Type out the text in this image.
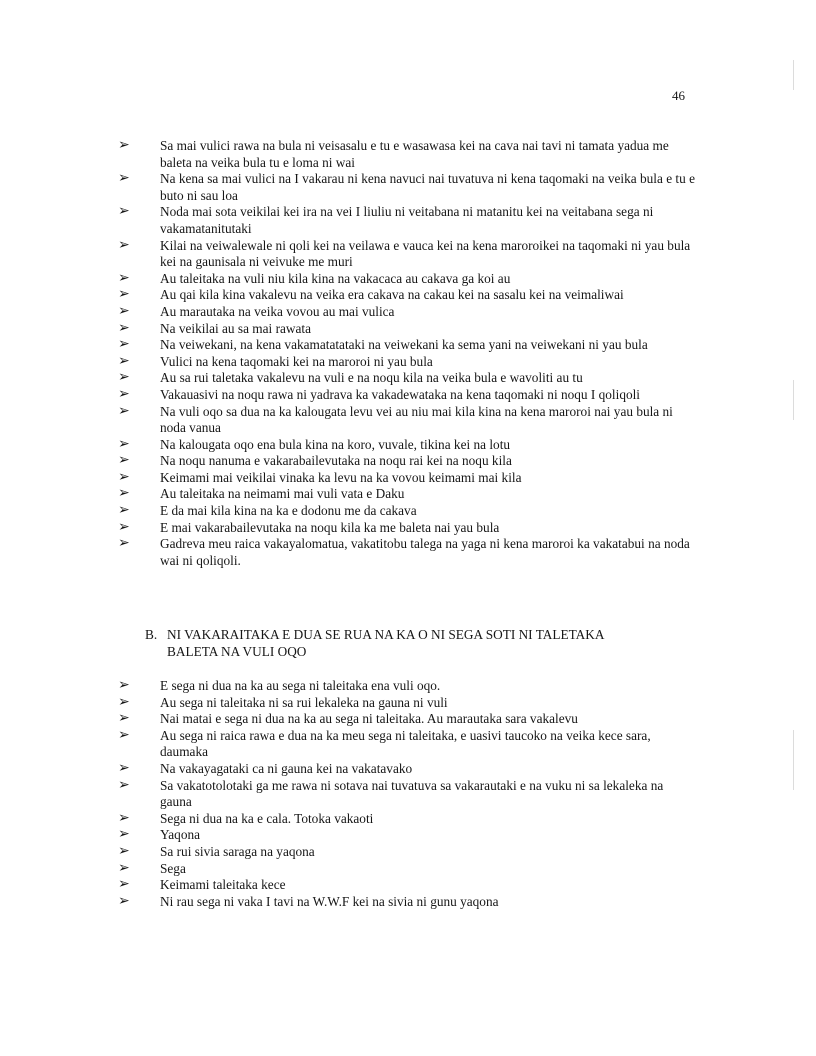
46
➢ Sa mai vulici rawa na bula ni veisasalu e tu e wasawasa kei na cava nai tavi ni tamata yadua me baleta na veika bula tu e loma ni wai
➢ Na kena sa mai vulici na I vakarau ni kena navuci nai tuvatuva ni kena taqomaki na veika bula e tu e buto ni sau loa
➢ Noda mai sota veikilai kei ira na vei I liuliu ni veitabana ni matanitu kei na veitabana sega ni vakamatanitutaki
➢ Kilai na veiwalewale ni qoli kei na veilawa e vauca kei na kena maroroikei na taqomaki ni yau bula kei na gaunisala ni veivuke me muri
➢ Au taleitaka na vuli niu kila kina na vakacaca au cakava ga koi au
➢ Au qai kila kina vakalevu na veika era cakava na cakau kei na sasalu kei na veimaliwai
➢ Au marautaka na veika vovou au mai vulica
➢ Na veikilai au sa mai rawata
➢ Na veiwekani, na kena vakamatatataki na veiwekani ka sema yani na veiwekani ni yau bula
➢ Vulici na kena taqomaki kei na maroroi ni yau bula
➢ Au sa rui taletaka vakalevu na vuli e na noqu kila na veika bula e wavoliti au tu
➢ Vakauasivi na noqu rawa ni yadrava ka vakadewataka na kena taqomaki ni noqu I qoliqoli
➢ Na vuli oqo sa dua na ka kalougata levu vei au niu mai kila kina na kena maroroi nai yau bula ni noda vanua
➢ Na kalougata oqo ena bula kina na koro, vuvale, tikina kei na lotu
➢ Na noqu nanuma e vakarabailevutaka na noqu rai kei na noqu kila
➢ Keimami mai veikilai vinaka ka levu na ka vovou keimami mai kila
➢ Au taleitaka na neimami mai vuli vata e Daku
➢ E da mai kila kina na ka e dodonu me da cakava
➢ E mai vakarabailevutaka na noqu kila ka me baleta nai yau bula
➢ Gadreva meu raica vakayalomatua, vakatitobu talega na yaga ni kena maroroi ka vakatabui na noda wai ni qoliqoli.
B. NI VAKARAITAKA E DUA SE RUA NA KA O NI SEGA SOTI NI TALETAKA
BALETA NA VULI OQO
➢ E sega ni dua na ka au sega ni taleitaka ena vuli oqo.
➢ Au sega ni taleitaka ni sa rui lekaleka na gauna ni vuli
➢ Nai matai e sega ni dua na ka au sega ni taleitaka. Au marautaka sara vakalevu
➢ Au sega ni raica rawa e dua na ka meu sega ni taleitaka, e uasivi taucoko na veika kece sara, daumaka
➢ Na vakayagataki ca ni gauna kei na vakatavako
➢ Sa vakatotolotaki ga me rawa ni sotava nai tuvatuva sa vakarautaki e na vuku ni sa lekaleka na gauna
➢ Sega ni dua na ka e cala. Totoka vakaoti
➢ Yaqona
➢ Sa rui sivia saraga na yaqona
➢ Sega
➢ Keimami taleitaka kece
➢ Ni rau sega ni vaka I tavi na W.W.F kei na sivia ni gunu yaqona
